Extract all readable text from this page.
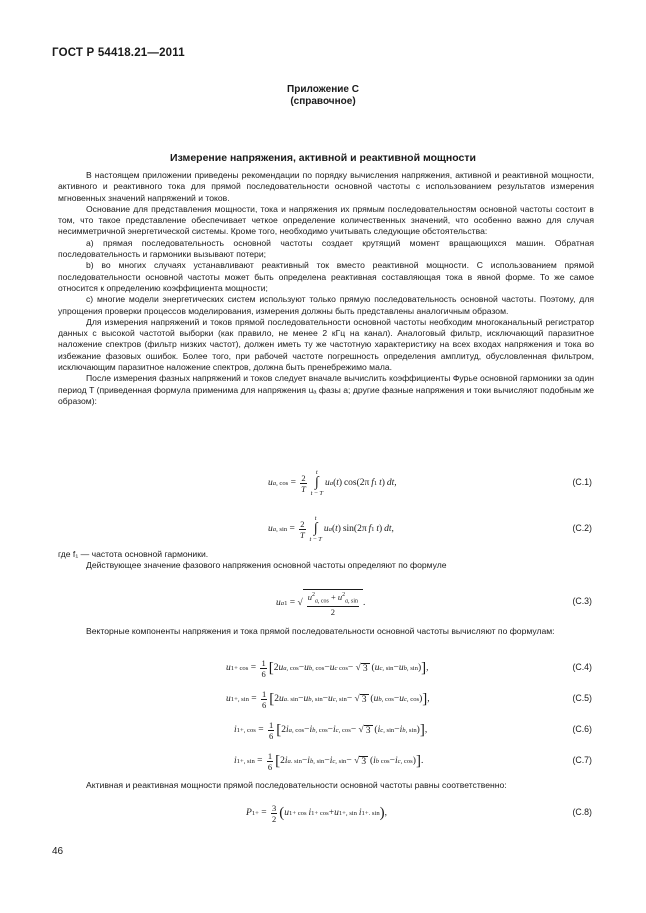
ГОСТ Р 54418.21—2011
Приложение С
(справочное)
Измерение напряжения, активной и реактивной мощности

В настоящем приложении приведены рекомендации по порядку вычисления напряжения, активной и реактивной мощности, активного и реактивного тока для прямой последовательности основной частоты с использованием результатов измерения мгновенных значений напряжений и токов.

Основание для представления мощности, тока и напряжения их прямым последовательностям основной частоты состоит в том, что такое представление обеспечивает четкое определение количественных значений, что особенно важно для случая несимметричной энергетической системы. Кроме того, необходимо учитывать следующие обстоятельства:

а) прямая последовательность основной частоты создает крутящий момент вращающихся машин. Обратная последовательность и гармоники вызывают потери;

b) во многих случаях устанавливают реактивный ток вместо реактивной мощности. С использованием прямой последовательности основной частоты может быть определена реактивная составляющая тока в явной форме. То же самое относится к определению коэффициента мощности;

с) многие модели энергетических систем используют только прямую последовательность основной частоты. Поэтому, для упрощения проверки процессов моделирования, измерения должны быть представлены аналогичным образом.

Для измерения напряжений и токов прямой последовательности основной частоты необходим многоканальный регистратор данных с высокой частотой выборки (как правило, не менее 2 кГц на канал). Аналоговый фильтр, исключающий паразитное наложение спектров (фильтр низких частот), должен иметь ту же частотную характеристику на всех входах напряжения и тока во избежание фазовых ошибок. Более того, при рабочей частоте погрешность определения амплитуд, обусловленная фильтром, исключающим паразитное наложение спектров, должна быть пренебрежимо мала.

После измерения фазных напряжений и токов следует вначале вычислить коэффициенты Фурье основной гармоники за один период T (приведенная формула применима для напряжения uₐ фазы a; другие фазные напряжения и токи вычисляют подобным же образом):

u a, $\cos = \frac{2}{T}$ t
∫
t − T
u a ( t ) cos(2π  f 1
  t )  dt ,	(С.1)
u a, $\sin = \frac{2}{T}$ t
∫
t − T
u a ( t ) sin(2π  f 1
  t )  dt ,	(С.2)

где f₁ — частота основной гармоники.

Действующее значение фазового напряжения основной частоты определяют по формуле

u a1 = √ $\frac{u^2_{a, cos} + u^2_{a, sin}}{2}$ .	(С.3)

Векторные компоненты напряжения и тока прямой последовательности основной частоты вычисляют по формулам:

u $1+ \cos = \frac{1}{6}$ [ 2 u a, cos − u b, cos − u c cos − √ 3  ( u c, sin − u b, sin ) ] ,	(С.4)
u 1+, $\sin = \frac{1}{6}$ [ 2 u a. sin − u b, sin − u c, sin − √ 3  ( u b, cos − u c, cos ) ] ,	(С.5)
i 1+, $\cos = \frac{1}{6}$ [ 2 i a, cos − i b, cos − i c, cos − √ 3  ( i c, sin − i b, sin ) ] ,	(С.6)
i 1+, $\sin = \frac{1}{6}$ [ 2 i a. sin − i b, sin − i c, sin − √ 3  ( i b cos − i c, cos ) ] .	(С.7)

Активная и реактивная мощности прямой последовательности основной частоты равны соответственно:

P $1+ = \frac{3}{2}$ ( u 1+ cos
  i 1+ cos + u 1+, sin
  i 1+. sin ) ,	(С.8)
46
